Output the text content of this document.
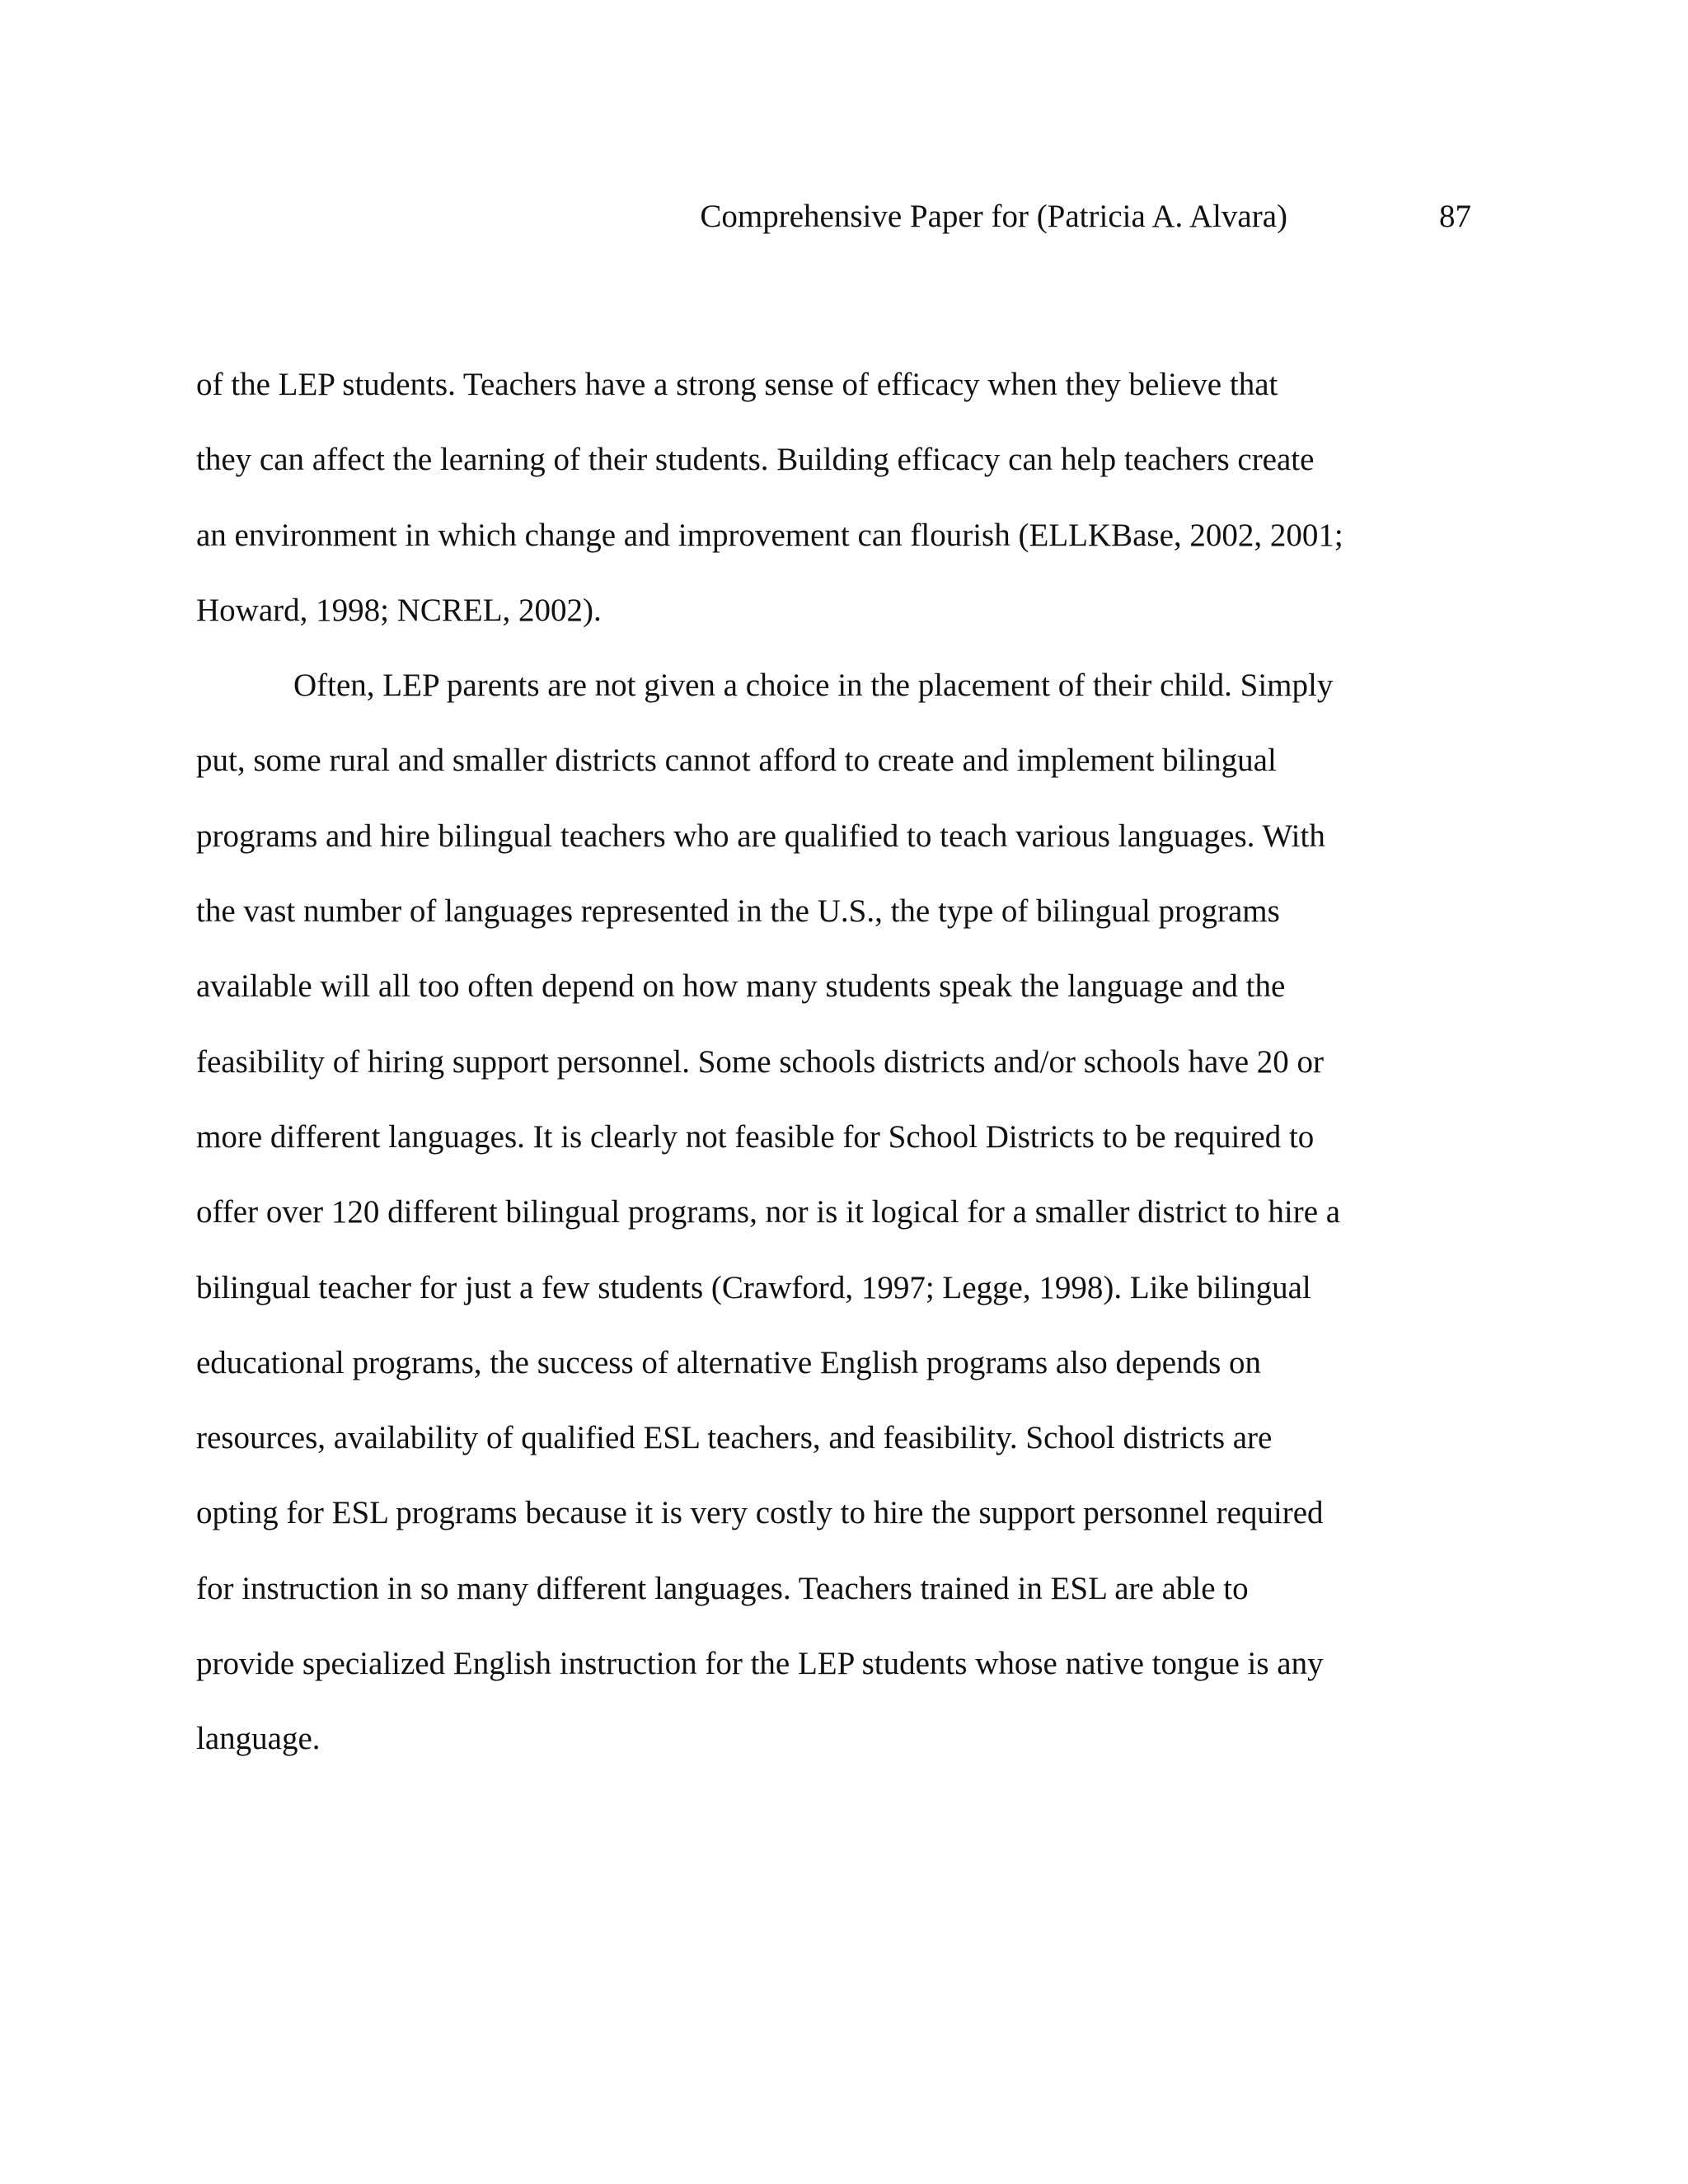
Comprehensive Paper for (Patricia A. Alvara)	87
of the LEP students. Teachers have a strong sense of efficacy when they believe that
they can affect the learning of their students. Building efficacy can help teachers create
an environment in which change and improvement can flourish (ELLKBase, 2002, 2001;
Howard, 1998; NCREL, 2002).
Often, LEP parents are not given a choice in the placement of their child. Simply
put, some rural and smaller districts cannot afford to create and implement bilingual
programs and hire bilingual teachers who are qualified to teach various languages. With
the vast number of languages represented in the U.S., the type of bilingual programs
available will all too often depend on how many students speak the language and the
feasibility of hiring support personnel. Some schools districts and/or schools have 20 or
more different languages. It is clearly not feasible for School Districts to be required to
offer over 120 different bilingual programs, nor is it logical for a smaller district to hire a
bilingual teacher for just a few students (Crawford, 1997; Legge, 1998). Like bilingual
educational programs, the success of alternative English programs also depends on
resources, availability of qualified ESL teachers, and feasibility. School districts are
opting for ESL programs because it is very costly to hire the support personnel required
for instruction in so many different languages. Teachers trained in ESL are able to
provide specialized English instruction for the LEP students whose native tongue is any
language.
